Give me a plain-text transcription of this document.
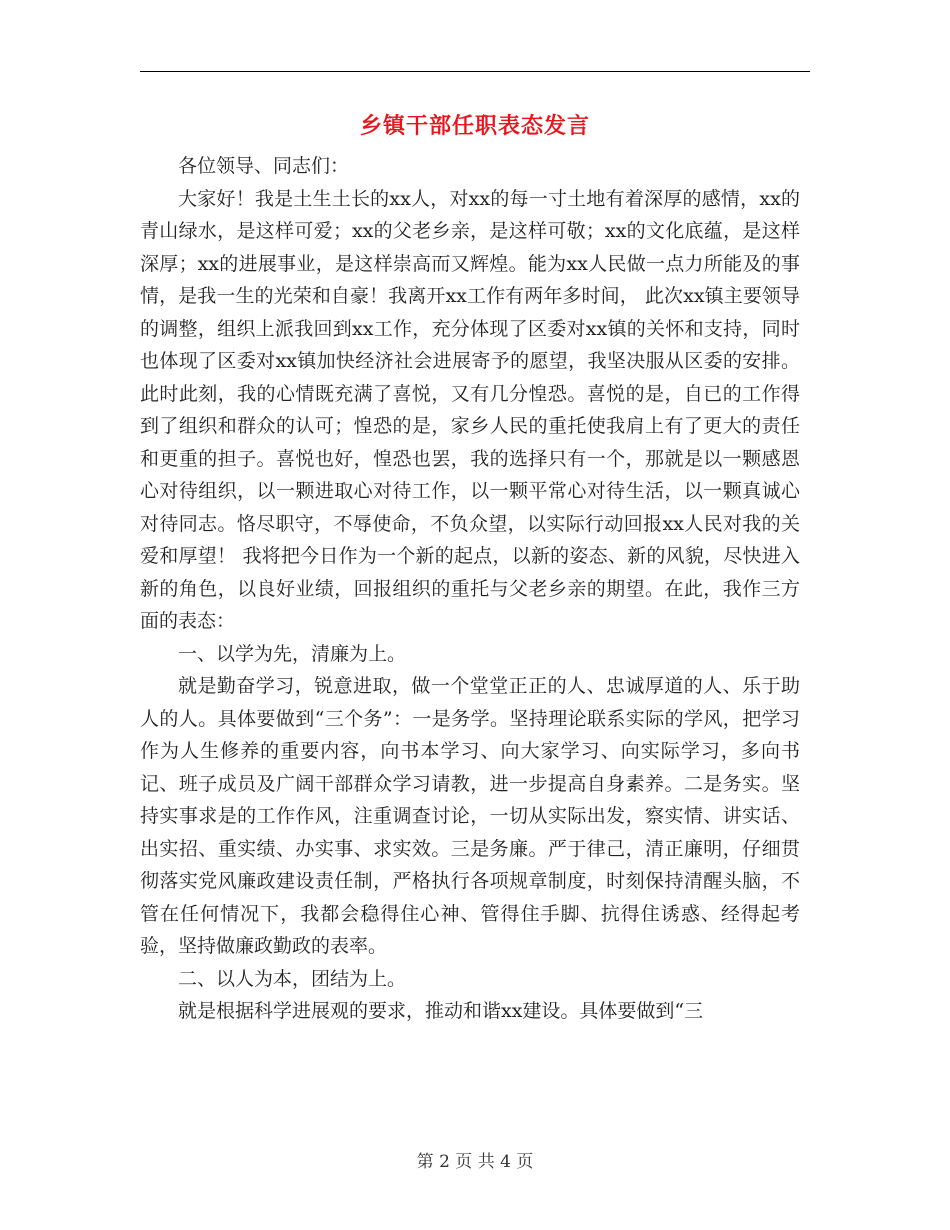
乡镇干部任职表态发言

各位领导、同志们：

大家好！我是土生土长的xx人，对xx的每一寸土地有着深厚的感情，xx的青山绿水，是这样可爱；xx的父老乡亲，是这样可敬；xx的文化底蕴，是这样深厚；xx的进展事业，是这样崇高而又辉煌。能为xx人民做一点力所能及的事情，是我一生的光荣和自豪！我离开xx工作有两年多时间， 此次xx镇主要领导的调整，组织上派我回到xx工作，充分体现了区委对xx镇的关怀和支持，同时也体现了区委对xx镇加快经济社会进展寄予的愿望，我坚决服从区委的安排。此时此刻，我的心情既充满了喜悦，又有几分惶恐。喜悦的是，自已的工作得到了组织和群众的认可；惶恐的是，家乡人民的重托使我肩上有了更大的责任和更重的担子。喜悦也好，惶恐也罢，我的选择只有一个，那就是以一颗感恩心对待组织，以一颗进取心对待工作，以一颗平常心对待生活，以一颗真诚心对待同志。恪尽职守，不辱使命，不负众望，以实际行动回报xx人民对我的关爱和厚望！ 我将把今日作为一个新的起点，以新的姿态、新的风貌，尽快进入新的角色，以良好业绩，回报组织的重托与父老乡亲的期望。在此，我作三方面的表态：

一、以学为先，清廉为上。

就是勤奋学习，锐意进取，做一个堂堂正正的人、忠诚厚道的人、乐于助人的人。具体要做到“三个务”：一是务学。坚持理论联系实际的学风，把学习作为人生修养的重要内容，向书本学习、向大家学习、向实际学习，多向书记、班子成员及广阔干部群众学习请教，进一步提高自身素养。二是务实。坚持实事求是的工作作风，注重调查讨论，一切从实际出发，察实情、讲实话、出实招、重实绩、办实事、求实效。三是务廉。严于律己，清正廉明，仔细贯彻落实党风廉政建设责任制，严格执行各项规章制度，时刻保持清醒头脑，不管在任何情况下，我都会稳得住心神、管得住手脚、抗得住诱惑、经得起考验，坚持做廉政勤政的表率。

二、以人为本，团结为上。

就是根据科学进展观的要求，推动和谐xx建设。具体要做到“三

第 2 页 共 4 页
